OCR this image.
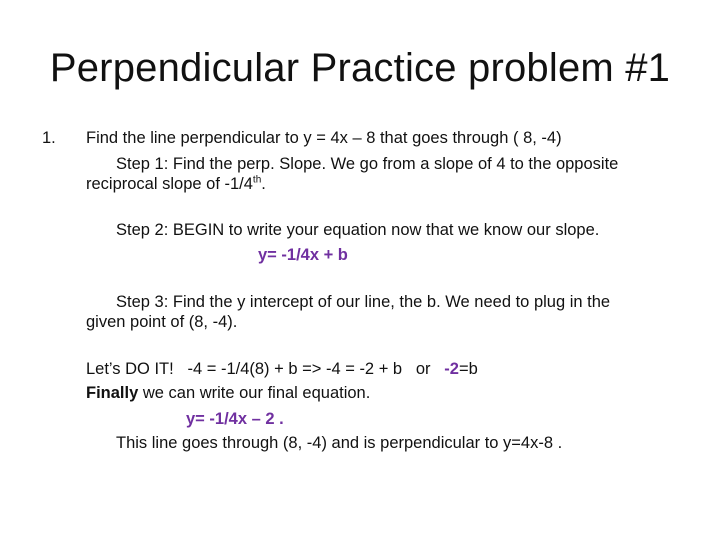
Perpendicular Practice problem #1
1. Find the line perpendicular to y = 4x – 8 that goes through ( 8, -4)
Step 1: Find the perp. Slope. We go from a slope of 4 to the opposite
reciprocal slope of -1/4th.
Step 2: BEGIN to write your equation now that we know our slope.
y= -1/4x + b
Step 3: Find the y intercept of our line, the b. We need to plug in the
given point of (8, -4).
Let’s DO IT!   -4 = -1/4(8) + b => -4 = -2 + b   or   -2=b
Finally we can write our final equation.
y= -1/4x – 2 .
This line goes through (8, -4) and is perpendicular to y=4x-8 .
